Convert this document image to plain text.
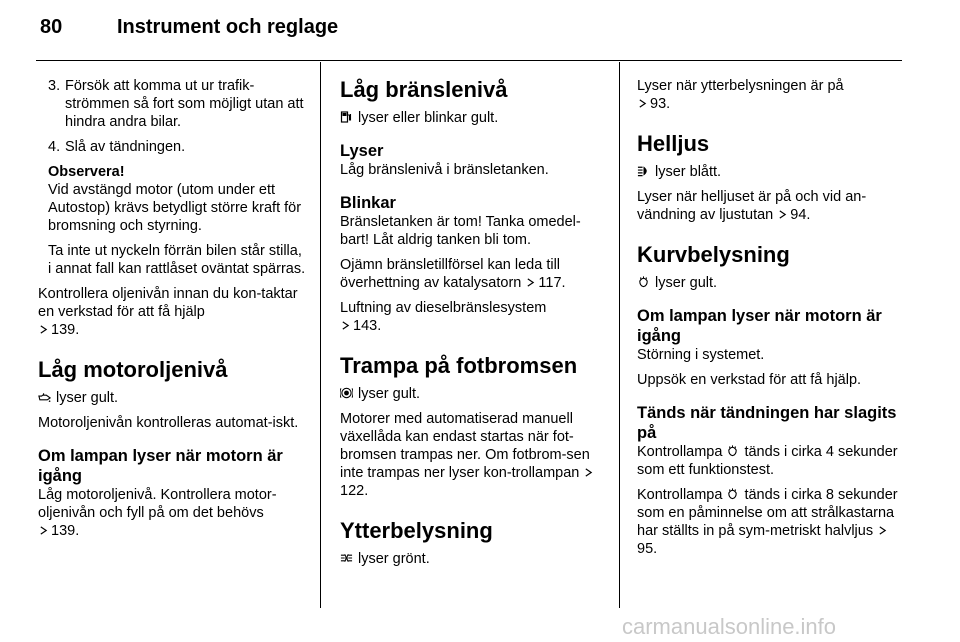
80	Instrument och reglage
3. Försök att komma ut ur trafik-strömmen så fort som möjligt utan att hindra andra bilar.
4. Slå av tändningen.
Observera!

Vid avstängd motor (utom under ett Autostop) krävs betydligt större kraft för bromsning och styrning.

Ta inte ut nyckeln förrän bilen står stilla, i annat fall kan rattlåset oväntat spärras.

Kontrollera oljenivån innan du kon-taktar en verkstad för att få hjälp
139.

Låg motoroljenivå

lyser gult.

Motoroljenivån kontrolleras automat-iskt.

Om lampan lyser när motorn är igång

Låg motoroljenivå. Kontrollera motor-oljenivån och fyll på om det behövs
139.

Låg bränslenivå

lyser eller blinkar gult.

Lyser

Låg bränslenivå i bränsletanken.

Blinkar

Bränsletanken är tom! Tanka omedel-bart! Låt aldrig tanken bli tom.

Ojämn bränsletillförsel kan leda till överhettning av katalysatorn 117.

Luftning av dieselbränslesystem
143.

Trampa på fotbromsen

lyser gult.

Motorer med automatiserad manuell växellåda kan endast startas när fot-bromsen trampas ner. Om fotbrom-sen inte trampas ner lyser kon-trollampan 122.

Ytterbelysning

lyser grönt.

Lyser när ytterbelysningen är på
93.

Helljus

lyser blått.

Lyser när helljuset är på och vid an-vändning av ljustutan 94.

Kurvbelysning

lyser gult.

Om lampan lyser när motorn är igång

Störning i systemet.

Uppsök en verkstad för att få hjälp.

Tänds när tändningen har slagits på

Kontrollampa tänds i cirka 4 sekunder som ett funktionstest.

Kontrollampa tänds i cirka 8 sekunder som en påminnelse om att strålkastarna har ställts in på sym-metriskt halvljus 95.

carmanualsonline.info
